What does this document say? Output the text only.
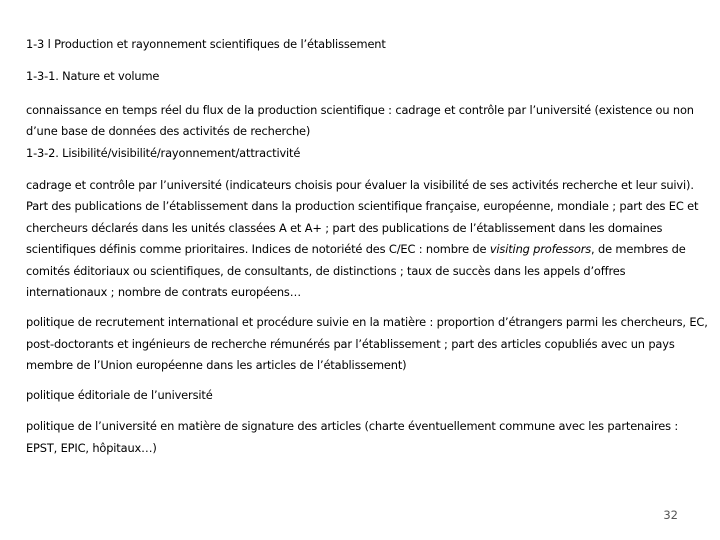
1-3 l Production et rayonnement scientifiques de l’établissement

1-3-1. Nature et volume

connaissance en temps réel du flux de la production scientifique : cadrage et contrôle par l’université (existence ou non d’une base de données des activités de recherche)

1-3-2. Lisibilité/visibilité/rayonnement/attractivité

cadrage et contrôle par l’université (indicateurs choisis pour évaluer la visibilité de ses activités recherche et leur suivi). Part des publications de l’établissement dans la production scientifique française, européenne, mondiale ; part des EC et chercheurs déclarés dans les unités classées A et A+ ; part des publications de l’établissement dans les domaines scientifiques définis comme prioritaires. Indices de notoriété des C/EC : nombre de visiting professors, de membres de comités éditoriaux ou scientifiques, de consultants, de distinctions ; taux de succès dans les appels d’offres internationaux ; nombre de contrats européens…

politique de recrutement international et procédure suivie en la matière : proportion d’étrangers parmi les chercheurs, EC, post-doctorants et ingénieurs de recherche rémunérés par l’établissement ; part des articles copubliés avec un pays membre de l’Union européenne dans les articles de l’établissement)

politique éditoriale de l’université

politique de l’université en matière de signature des articles (charte éventuellement commune avec les partenaires : EPST, EPIC, hôpitaux…)

32
